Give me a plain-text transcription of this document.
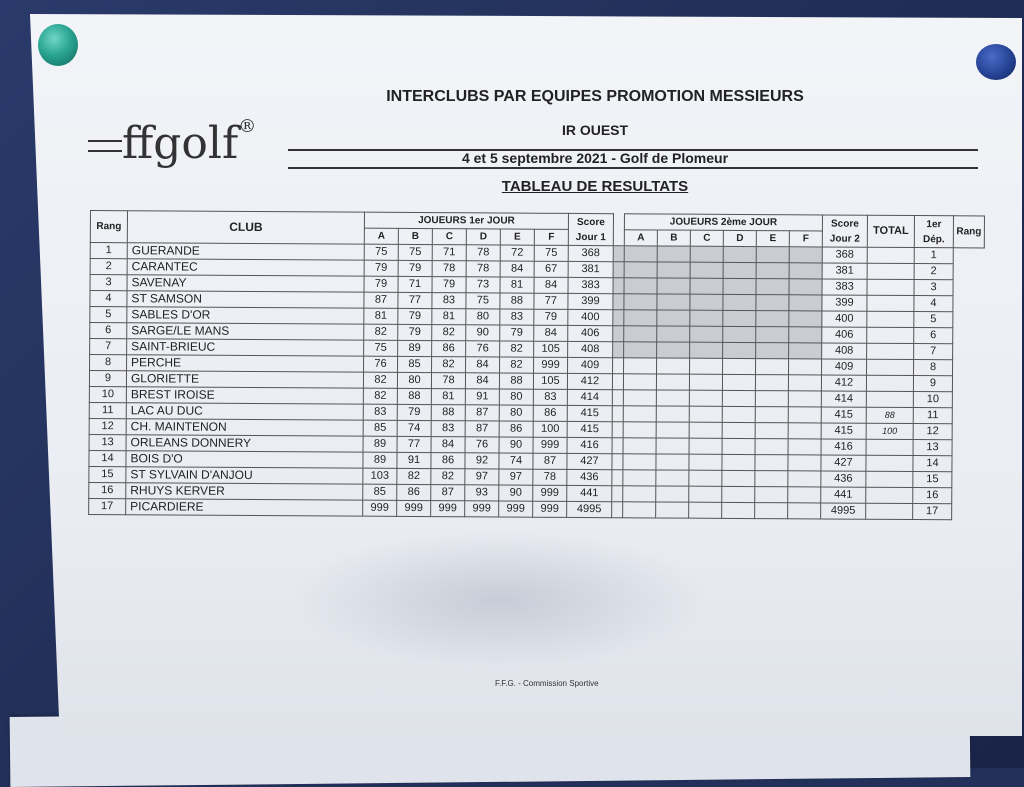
ffgolf®
INTERCLUBS PAR EQUIPES PROMOTION MESSIEURS
IR OUEST
4 et 5 septembre 2021 - Golf de Plomeur
TABLEAU DE RESULTATS
Rang	CLUB	JOUEURS 1er JOUR						Score Jour 1		JOUEURS 2ème JOUR						Score Jour 2	TOTAL	1er Dép.	Rang
		A	B	C	D	E	F			A	B	C	D	E	F				
1	GUERANDE	75	75	71	78	72	75	368								368		1	
2	CARANTEC	79	79	78	78	84	67	381								381		2	
3	SAVENAY	79	71	79	73	81	84	383								383		3	
4	ST SAMSON	87	77	83	75	88	77	399								399		4	
5	SABLES D'OR	81	79	81	80	83	79	400								400		5	
6	SARGE/LE MANS	82	79	82	90	79	84	406								406		6	
7	SAINT-BRIEUC	75	89	86	76	82	105	408								408		7	
8	PERCHE	76	85	82	84	82	999	409								409		8	
9	GLORIETTE	82	80	78	84	88	105	412								412		9	
10	BREST IROISE	82	88	81	91	80	83	414								414		10	
11	LAC AU DUC	83	79	88	87	80	86	415								415	88	11	
12	CH. MAINTENON	85	74	83	87	86	100	415								415	100	12	
13	ORLEANS DONNERY	89	77	84	76	90	999	416								416		13	
14	BOIS D'O	89	91	86	92	74	87	427								427		14	
15	ST SYLVAIN D'ANJOU	103	82	82	97	97	78	436								436		15	
16	RHUYS KERVER	85	86	87	93	90	999	441								441		16	
17	PICARDIERE	999	999	999	999	999	999	4995								4995		17	
F.F.G. - Commission Sportive
